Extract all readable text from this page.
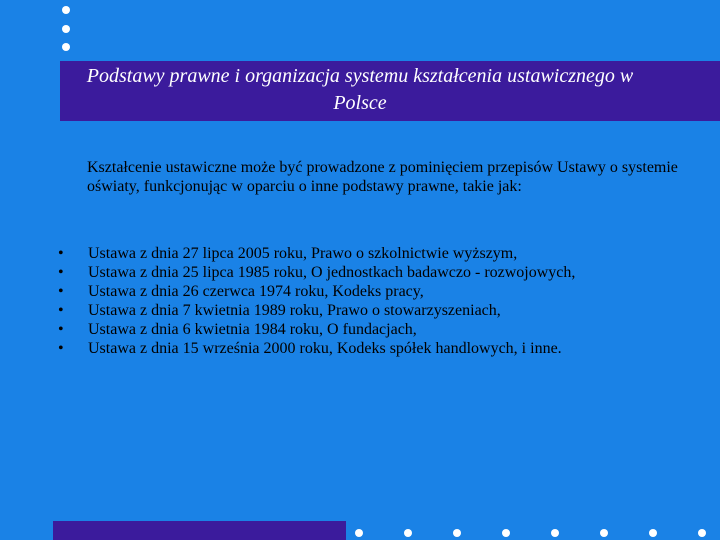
Podstawy prawne i organizacja systemu kształcenia ustawicznego w Polsce

Kształcenie ustawiczne może być prowadzone z pominięciem przepisów Ustawy o systemie oświaty, funkcjonując w oparciu o inne podstawy prawne, takie jak:

• Ustawa z dnia 27 lipca 2005 roku, Prawo o szkolnictwie wyższym,
• Ustawa z dnia 25 lipca 1985 roku, O jednostkach badawczo - rozwojowych,
• Ustawa z dnia 26 czerwca 1974 roku, Kodeks pracy,
• Ustawa z dnia 7 kwietnia 1989 roku, Prawo o stowarzyszeniach,
• Ustawa z dnia 6 kwietnia 1984 roku, O fundacjach,
• Ustawa z dnia 15 września 2000 roku, Kodeks spółek handlowych, i inne.
